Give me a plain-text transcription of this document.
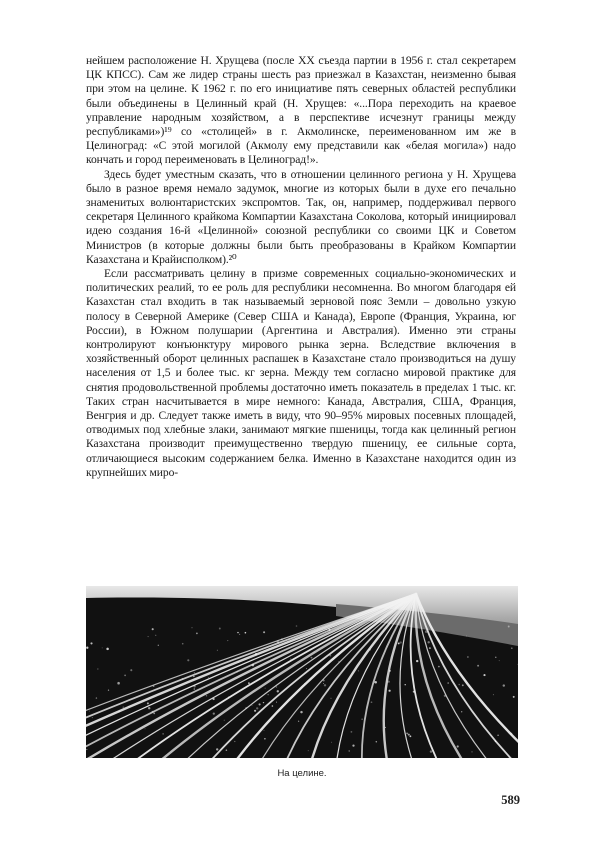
нейшем расположение Н. Хрущева (после XX съезда партии в 1956 г. стал секретарем ЦК КПСС). Сам же лидер страны шесть раз приезжал в Казахстан, неизменно бывая при этом на целине. К 1962 г. по его инициативе пять северных областей республики были объединены в Целинный край (Н. Хрущев: «...Пора переходить на краевое управление народным хозяйством, а в перспективе исчезнут границы между республиками»)¹⁹ со «столицей» в г. Акмолинске, переименованном им же в Целиноград: «С этой могилой (Акмолу ему представили как «белая могила») надо кончать и город переименовать в Целиноград!».

Здесь будет уместным сказать, что в отношении целинного региона у Н. Хрущева было в разное время немало задумок, многие из которых были в духе его печально знаменитых волюнтаристских экспромтов. Так, он, например, поддерживал первого секретаря Целинного крайкома Компартии Казахстана Соколова, который инициировал идею создания 16-й «Целинной» союзной республики со своими ЦК и Советом Министров (в которые должны были быть преобразованы в Крайком Компартии Казахстана и Крайисполком).²⁰

Если рассматривать целину в призме современных социально-экономических и политических реалий, то ее роль для республики несомненна. Во многом благодаря ей Казахстан стал входить в так называемый зерновой пояс Земли – довольно узкую полосу в Северной Америке (Север США и Канада), Европе (Франция, Украина, юг России), в Южном полушарии (Аргентина и Австралия). Именно эти страны контролируют конъюнктуру мирового рынка зерна. Вследствие включения в хозяйственный оборот целинных распашек в Казахстане стало производиться на душу населения от 1,5 и более тыс. кг зерна. Между тем согласно мировой практике для снятия продовольственной проблемы достаточно иметь показатель в пределах 1 тыс. кг. Таких стран насчитывается в мире немного: Канада, Австралия, США, Франция, Венгрия и др. Следует также иметь в виду, что 90–95% мировых посевных площадей, отводимых под хлебные злаки, занимают мягкие пшеницы, тогда как целинный регион Казахстана производит преимущественно твердую пшеницу, ее сильные сорта, отличающиеся высоким содержанием белка. Именно в Казахстане находится один из крупнейших миро-

На целине.
589
